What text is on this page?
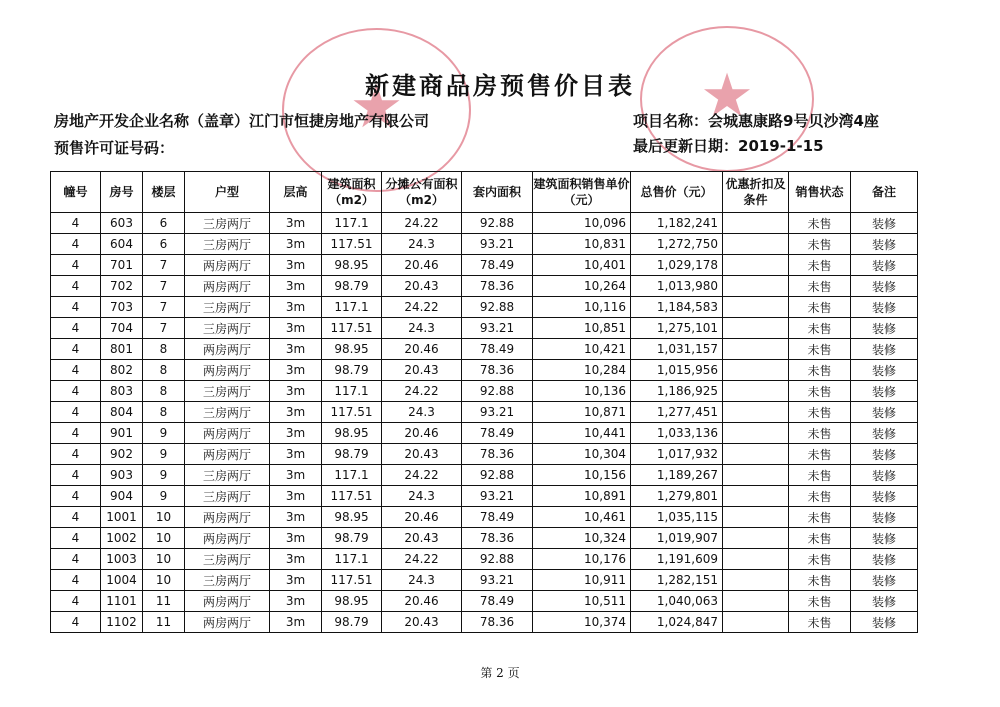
★	★
新建商品房预售价目表
房地产开发企业名称（盖章）江门市恒捷房地产有限公司
预售许可证号码：
项目名称：会城惠康路9号贝沙湾4座
最后更新日期：2019-1-15
幢号	房号	楼层	户型	层高	建筑面积（m2）	分摊公有面积（m2）	套内面积	建筑面积销售单价（元）	总售价（元）	优惠折扣及条件	销售状态	备注
4	603	6	三房两厅	3m	117.1	24.22	92.88	10,096	1,182,241		未售	装修
4	604	6	三房两厅	3m	117.51	24.3	93.21	10,831	1,272,750		未售	装修
4	701	7	两房两厅	3m	98.95	20.46	78.49	10,401	1,029,178		未售	装修
4	702	7	两房两厅	3m	98.79	20.43	78.36	10,264	1,013,980		未售	装修
4	703	7	三房两厅	3m	117.1	24.22	92.88	10,116	1,184,583		未售	装修
4	704	7	三房两厅	3m	117.51	24.3	93.21	10,851	1,275,101		未售	装修
4	801	8	两房两厅	3m	98.95	20.46	78.49	10,421	1,031,157		未售	装修
4	802	8	两房两厅	3m	98.79	20.43	78.36	10,284	1,015,956		未售	装修
4	803	8	三房两厅	3m	117.1	24.22	92.88	10,136	1,186,925		未售	装修
4	804	8	三房两厅	3m	117.51	24.3	93.21	10,871	1,277,451		未售	装修
4	901	9	两房两厅	3m	98.95	20.46	78.49	10,441	1,033,136		未售	装修
4	902	9	两房两厅	3m	98.79	20.43	78.36	10,304	1,017,932		未售	装修
4	903	9	三房两厅	3m	117.1	24.22	92.88	10,156	1,189,267		未售	装修
4	904	9	三房两厅	3m	117.51	24.3	93.21	10,891	1,279,801		未售	装修
4	1001	10	两房两厅	3m	98.95	20.46	78.49	10,461	1,035,115		未售	装修
4	1002	10	两房两厅	3m	98.79	20.43	78.36	10,324	1,019,907		未售	装修
4	1003	10	三房两厅	3m	117.1	24.22	92.88	10,176	1,191,609		未售	装修
4	1004	10	三房两厅	3m	117.51	24.3	93.21	10,911	1,282,151		未售	装修
4	1101	11	两房两厅	3m	98.95	20.46	78.49	10,511	1,040,063		未售	装修
4	1102	11	两房两厅	3m	98.79	20.43	78.36	10,374	1,024,847		未售	装修
第 2 页
